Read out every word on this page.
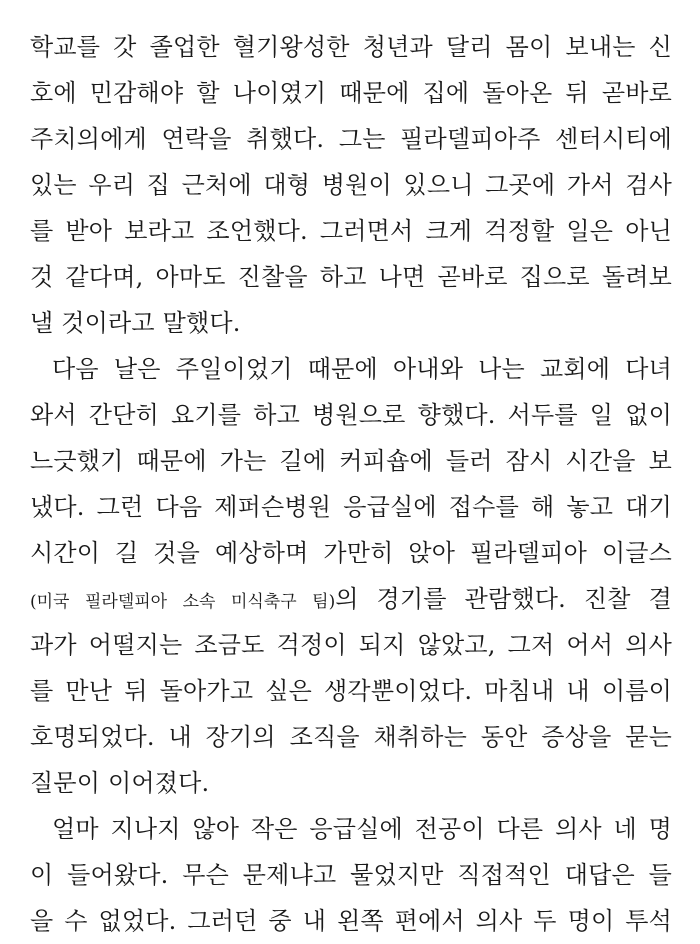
학교를 갓 졸업한 혈기왕성한 청년과 달리 몸이 보내는 신
호에 민감해야 할 나이였기 때문에 집에 돌아온 뒤 곧바로
주치의에게 연락을 취했다. 그는 필라델피아주 센터시티에
있는 우리 집 근처에 대형 병원이 있으니 그곳에 가서 검사
를 받아 보라고 조언했다. 그러면서 크게 걱정할 일은 아닌
것 같다며, 아마도 진찰을 하고 나면 곧바로 집으로 돌려보
낼 것이라고 말했다.
다음 날은 주일이었기 때문에 아내와 나는 교회에 다녀
와서 간단히 요기를 하고 병원으로 향했다. 서두를 일 없이
느긋했기 때문에 가는 길에 커피숍에 들러 잠시 시간을 보
냈다. 그런 다음 제퍼슨병원 응급실에 접수를 해 놓고 대기
시간이 길 것을 예상하며 가만히 앉아 필라델피아 이글스
(미국 필라델피아 소속 미식축구 팀)의 경기를 관람했다. 진찰 결
과가 어떨지는 조금도 걱정이 되지 않았고, 그저 어서 의사
를 만난 뒤 돌아가고 싶은 생각뿐이었다. 마침내 내 이름이
호명되었다. 내 장기의 조직을 채취하는 동안 증상을 묻는
질문이 이어졌다.
얼마 지나지 않아 작은 응급실에 전공이 다른 의사 네 명
이 들어왔다. 무슨 문제냐고 물었지만 직접적인 대답은 들
을 수 없었다. 그러던 중 내 왼쪽 편에서 의사 두 명이 투석
